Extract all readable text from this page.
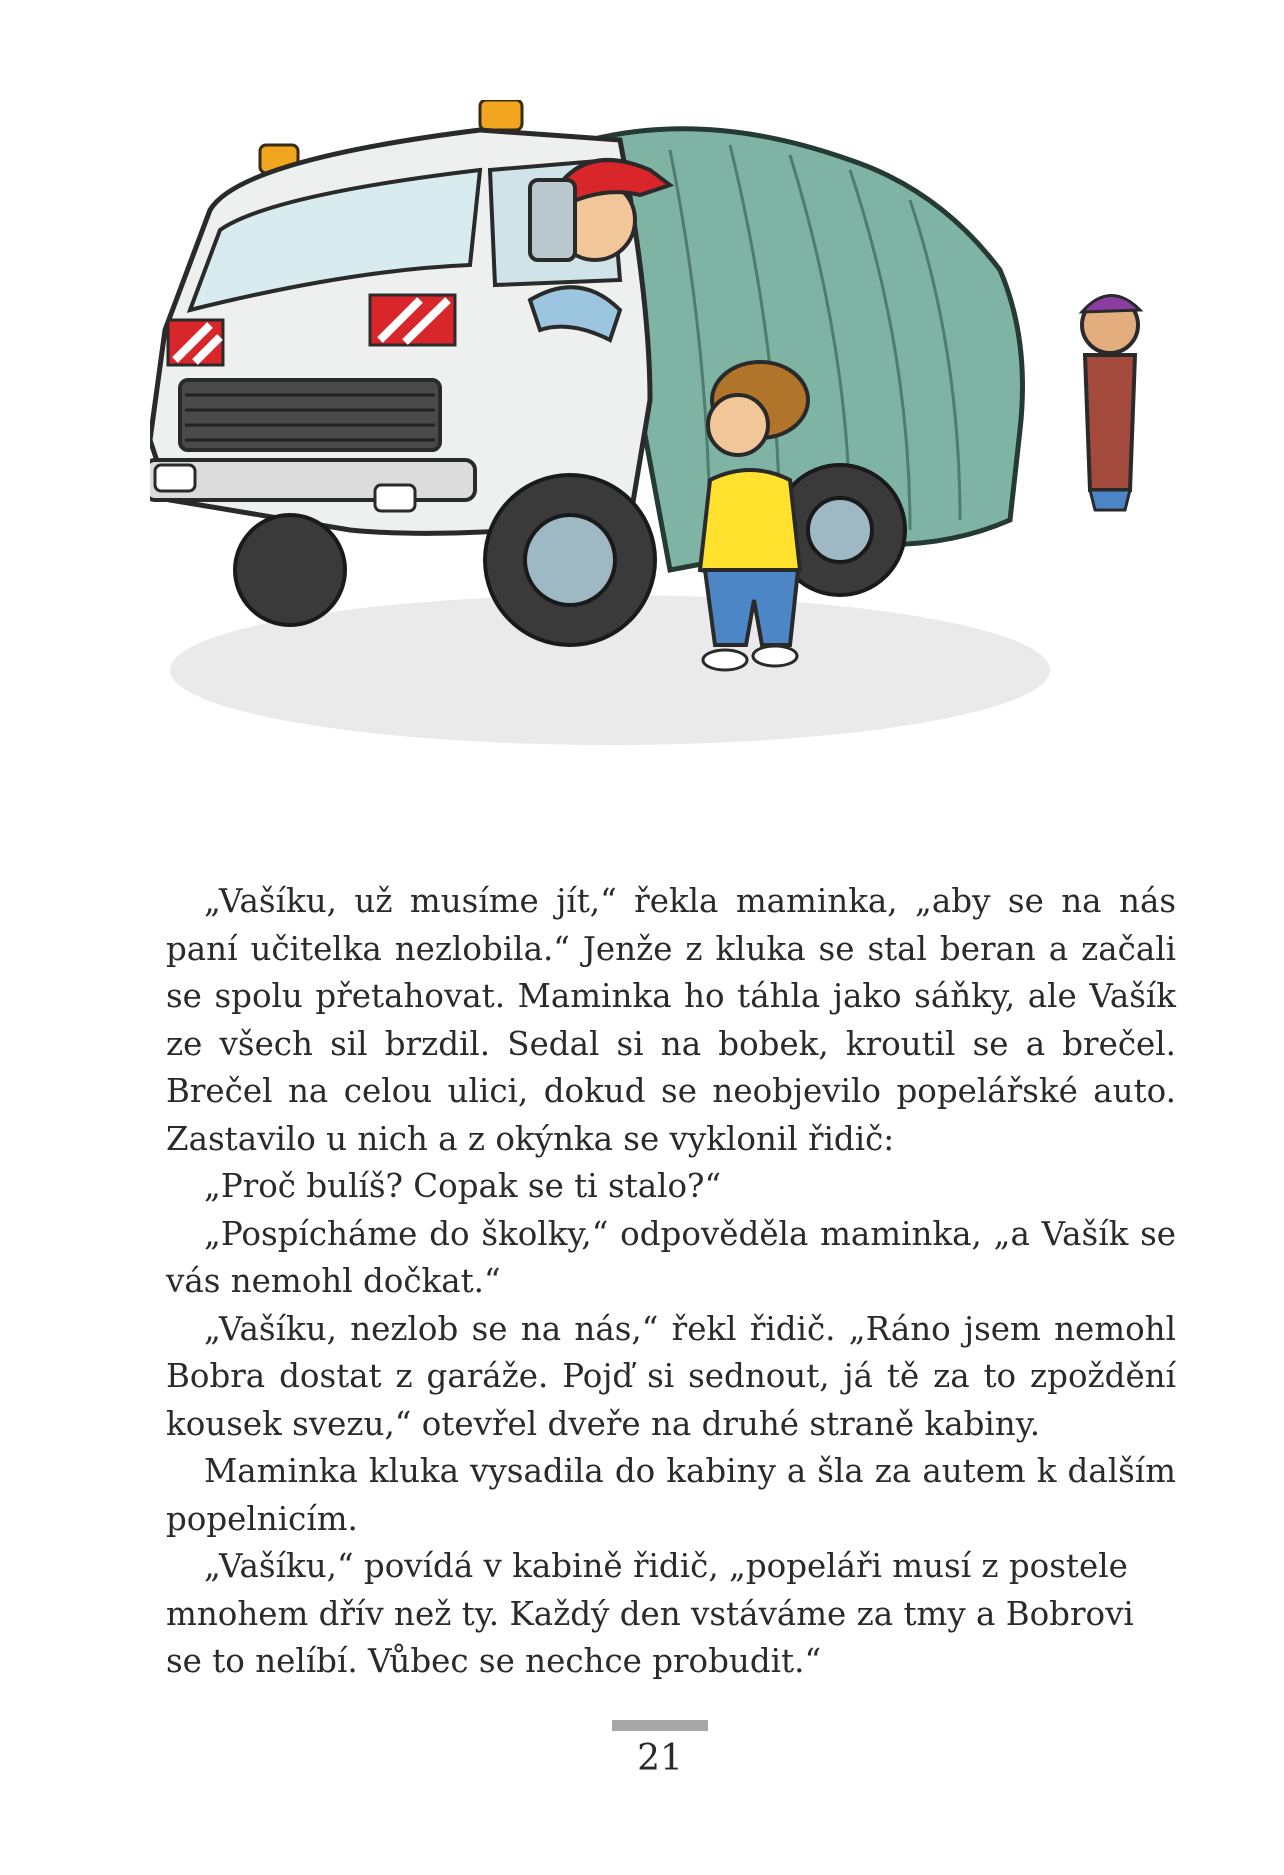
„Vašíku, už musíme jít,“ řekla maminka, „aby se na nás paní učitelka nezlobila.“ Jenže z kluka se stal beran a začali se spolu přetahovat. Maminka ho táhla jako sáňky, ale Vašík ze všech sil brzdil. Sedal si na bobek, kroutil se a brečel. Brečel na celou ulici, dokud se neobjevilo popelářské auto. Zastavilo u nich a z okýnka se vyklonil řidič:

„Proč bulíš? Copak se ti stalo?“

„Pospícháme do školky,“ odpověděla maminka, „a Vašík se vás nemohl dočkat.“

„Vašíku, nezlob se na nás,“ řekl řidič. „Ráno jsem nemohl Bobra dostat z garáže. Pojď si sednout, já tě za to zpoždění kousek svezu,“ otevřel dveře na druhé straně kabiny.

Maminka kluka vysadila do kabiny a šla za autem k dalším popelnicím.

„Vašíku,“ povídá v kabině řidič, „popeláři musí z postele mnohem dřív než ty. Každý den vstáváme za tmy a Bobrovi se to nelíbí. Vůbec se nechce probudit.“

21
